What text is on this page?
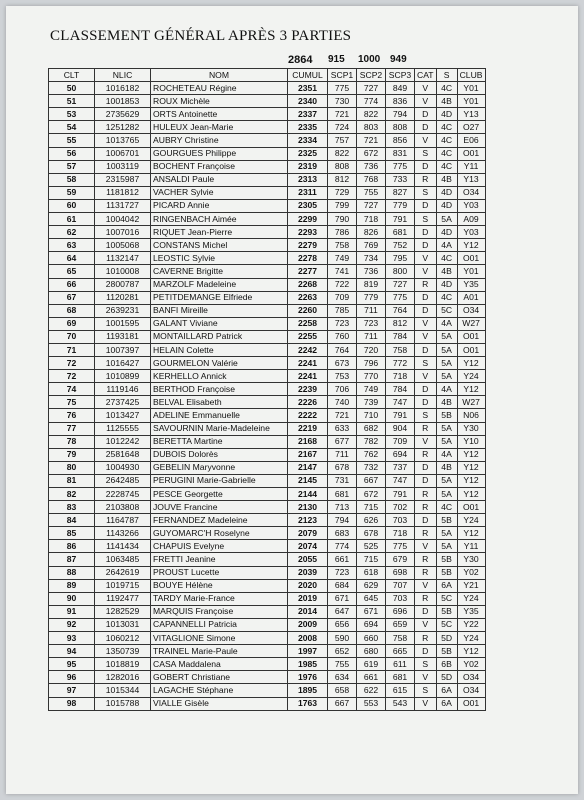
CLASSEMENT GÉNÉRAL APRÈS 3 PARTIES
2864 915 1000 949
CLT	NLIC	NOM	CUMUL	SCP1	SCP2	SCP3	CAT	S	CLUB
50	1016182	ROCHETEAU Régine	2351	775	727	849	V	4C	Y01
51	1001853	ROUX Michèle	2340	730	774	836	V	4B	Y01
53	2735629	ORTS Antoinette	2337	721	822	794	D	4D	Y13
54	1251282	HULEUX Jean-Marie	2335	724	803	808	D	4C	O27
55	1013765	AUBRY Christine	2334	757	721	856	V	4C	E06
56	1006701	GOURGUES Philippe	2325	822	672	831	S	4C	O01
57	1003119	BOCHENT Françoise	2319	808	736	775	D	4C	Y11
58	2315987	ANSALDI Paule	2313	812	768	733	R	4B	Y13
59	1181812	VACHER Sylvie	2311	729	755	827	S	4D	O34
60	1131727	PICARD Annie	2305	799	727	779	D	4D	Y03
61	1004042	RINGENBACH Aimée	2299	790	718	791	S	5A	A09
62	1007016	RIQUET Jean-Pierre	2293	786	826	681	D	4D	Y03
63	1005068	CONSTANS Michel	2279	758	769	752	D	4A	Y12
64	1132147	LEOSTIC Sylvie	2278	749	734	795	V	4C	O01
65	1010008	CAVERNE Brigitte	2277	741	736	800	V	4B	Y01
66	2800787	MARZOLF Madeleine	2268	722	819	727	R	4D	Y35
67	1120281	PETITDEMANGE Elfriede	2263	709	779	775	D	4C	A01
68	2639231	BANFI Mireille	2260	785	711	764	D	5C	O34
69	1001595	GALANT Viviane	2258	723	723	812	V	4A	W27
70	1193181	MONTAILLARD Patrick	2255	760	711	784	V	5A	O01
71	1007397	HELAIN Colette	2242	764	720	758	D	5A	O01
72	1016427	GOURMELON Valérie	2241	673	796	772	S	5A	Y12
72	1010899	KERHELLO Annick	2241	753	770	718	V	5A	Y24
74	1119146	BERTHOD Françoise	2239	706	749	784	D	4A	Y12
75	2737425	BELVAL Elisabeth	2226	740	739	747	D	4B	W27
76	1013427	ADELINE Emmanuelle	2222	721	710	791	S	5B	N06
77	1125555	SAVOURNIN Marie-Madeleine	2219	633	682	904	R	5A	Y30
78	1012242	BERETTA Martine	2168	677	782	709	V	5A	Y10
79	2581648	DUBOIS Dolorès	2167	711	762	694	R	4A	Y12
80	1004930	GEBELIN Maryvonne	2147	678	732	737	D	4B	Y12
81	2642485	PERUGINI Marie-Gabrielle	2145	731	667	747	D	5A	Y12
82	2228745	PESCE Georgette	2144	681	672	791	R	5A	Y12
83	2103808	JOUVE Francine	2130	713	715	702	R	4C	O01
84	1164787	FERNANDEZ Madeleine	2123	794	626	703	D	5B	Y24
85	1143266	GUYOMARC'H Roselyne	2079	683	678	718	R	5A	Y12
86	1141434	CHAPUIS Evelyne	2074	774	525	775	V	5A	Y11
87	1063485	FRETTI Jeanine	2055	661	715	679	R	5B	Y30
88	2642619	PROUST Lucette	2039	723	618	698	R	5B	Y02
89	1019715	BOUYE Hélène	2020	684	629	707	V	6A	Y21
90	1192477	TARDY Marie-France	2019	671	645	703	R	5C	Y24
91	1282529	MARQUIS Françoise	2014	647	671	696	D	5B	Y35
92	1013031	CAPANNELLI Patricia	2009	656	694	659	V	5C	Y22
93	1060212	VITAGLIONE Simone	2008	590	660	758	R	5D	Y24
94	1350739	TRAINEL Marie-Paule	1997	652	680	665	D	5B	Y12
95	1018819	CASA Maddalena	1985	755	619	611	S	6B	Y02
96	1282016	GOBERT Christiane	1976	634	661	681	V	5D	O34
97	1015344	LAGACHE Stéphane	1895	658	622	615	S	6A	O34
98	1015788	VIALLE Gisèle	1763	667	553	543	V	6A	O01
